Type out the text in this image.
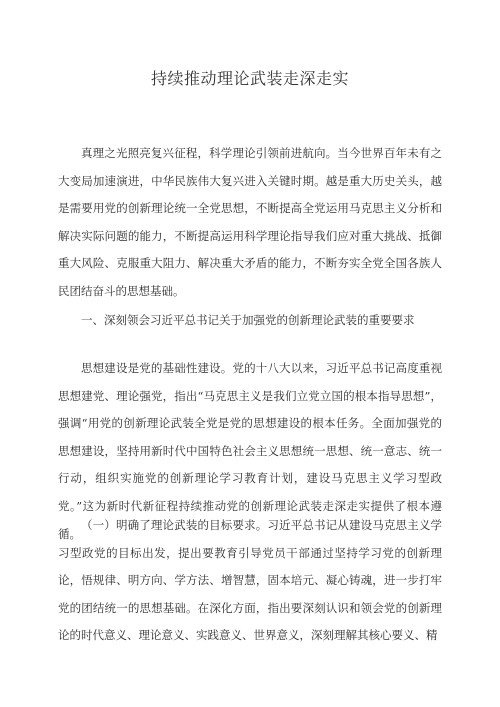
持续推动理论武装走深走实
真理之光照亮复兴征程，科学理论引领前进航向。当今世界百年未有之大变局加速演进，中华民族伟大复兴进入关键时期。越是重大历史关头，越是需要用党的创新理论统一全党思想，不断提高全党运用马克思主义分析和解决实际问题的能力，不断提高运用科学理论指导我们应对重大挑战、抵御重大风险、克服重大阻力、解决重大矛盾的能力，不断夯实全党全国各族人民团结奋斗的思想基础。
一、深刻领会习近平总书记关于加强党的创新理论武装的重要要求
思想建设是党的基础性建设。党的十八大以来，习近平总书记高度重视思想建党、理论强党，指出“马克思主义是我们立党立国的根本指导思想”，强调“用党的创新理论武装全党是党的思想建设的根本任务。全面加强党的思想建设，坚持用新时代中国特色社会主义思想统一思想、统一意志、统一行动，组织实施党的创新理论学习教育计划，建设马克思主义学习型政党。”这为新时代新征程持续推动党的创新理论武装走深走实提供了根本遵循。
（一）明确了理论武装的目标要求。习近平总书记从建设马克思主义学习型政党的目标出发，提出要教育引导党员干部通过坚持学习党的创新理论，悟规律、明方向、学方法、增智慧，固本培元、凝心铸魂，进一步打牢党的团结统一的思想基础。在深化方面，指出要深刻认识和领会党的创新理论的时代意义、理论意义、实践意义、世界意义，深刻理解其核心要义、精
